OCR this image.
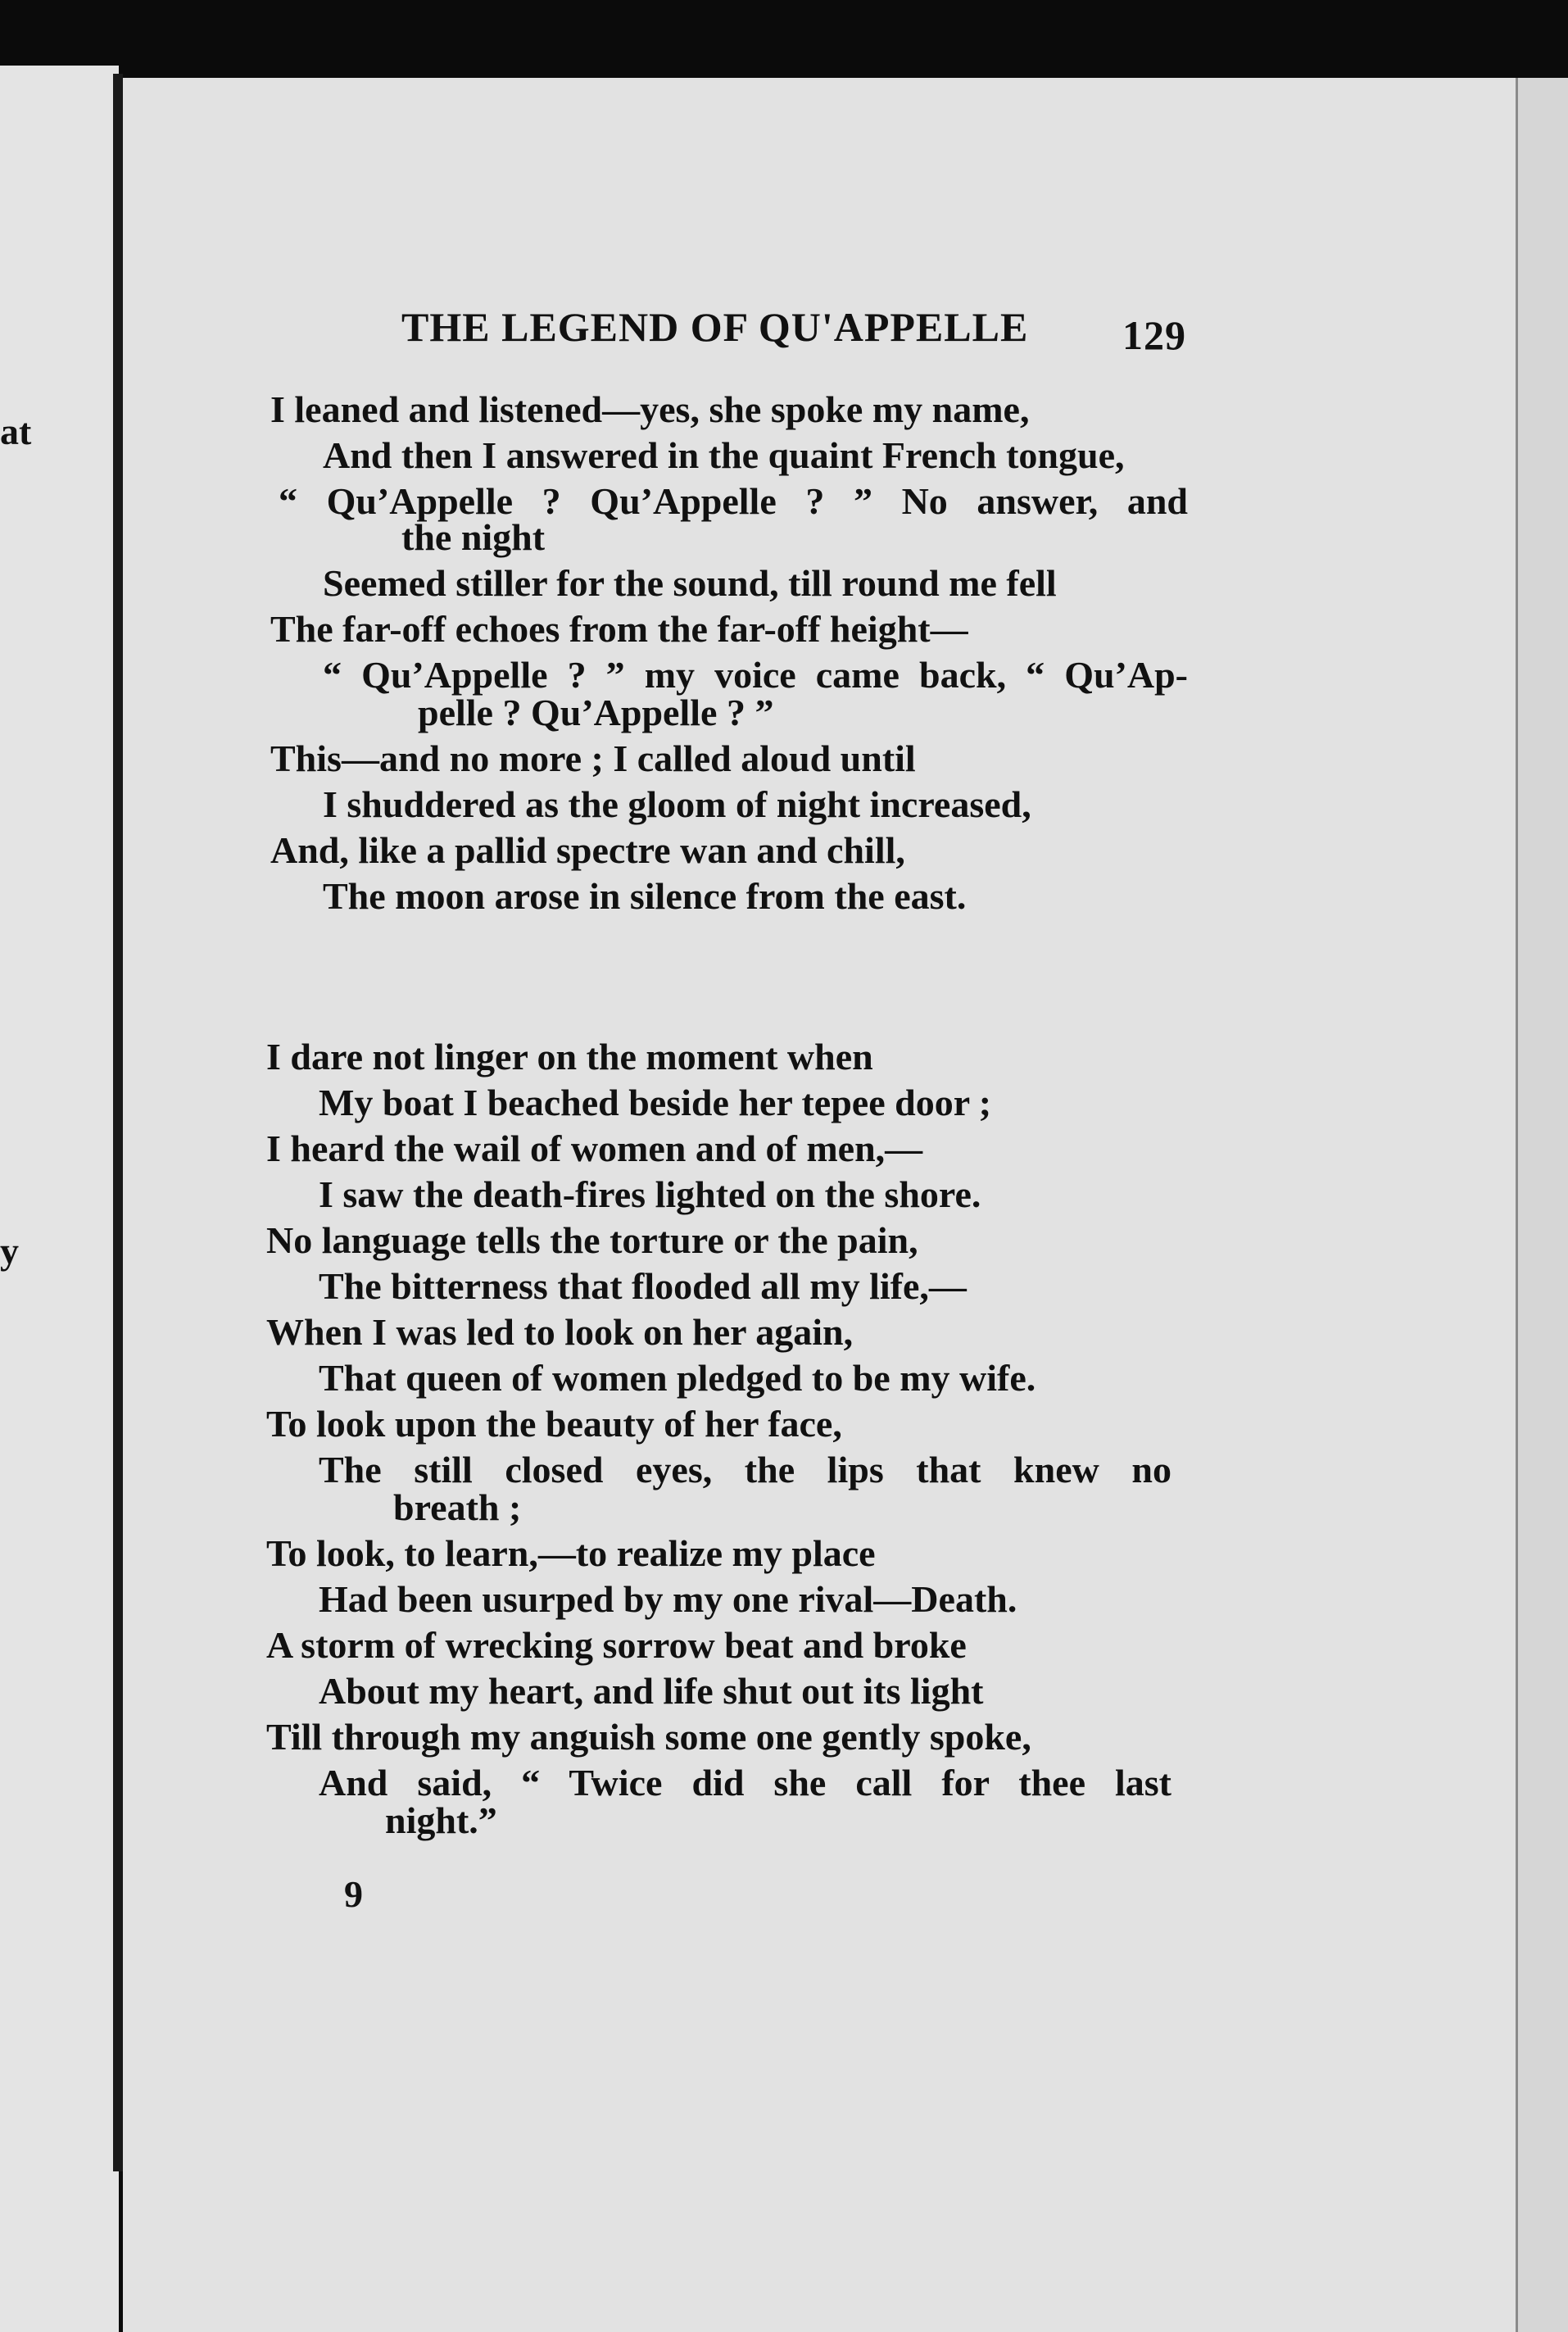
at
y
THE LEGEND OF QU'APPELLE 129
I leaned and listened—yes, she spoke my name,
And then I answered in the quaint French tongue,
“ Qu’Appelle ? Qu’Appelle ? ” No answer, and
the night
Seemed stiller for the sound, till round me fell
The far-off echoes from the far-off height—
“ Qu’Appelle ? ” my voice came back, “ Qu’Ap-
pelle ? Qu’Appelle ? ”
This—and no more ; I called aloud until
I shuddered as the gloom of night increased,
And, like a pallid spectre wan and chill,
The moon arose in silence from the east.
I dare not linger on the moment when
My boat I beached beside her tepee door ;
I heard the wail of women and of men,—
I saw the death-fires lighted on the shore.
No language tells the torture or the pain,
The bitterness that flooded all my life,—
When I was led to look on her again,
That queen of women pledged to be my wife.
To look upon the beauty of her face,
The still closed eyes, the lips that knew no
breath ;
To look, to learn,—to realize my place
Had been usurped by my one rival—Death.
A storm of wrecking sorrow beat and broke
About my heart, and life shut out its light
Till through my anguish some one gently spoke,
And said, “ Twice did she call for thee last
night.”
9
